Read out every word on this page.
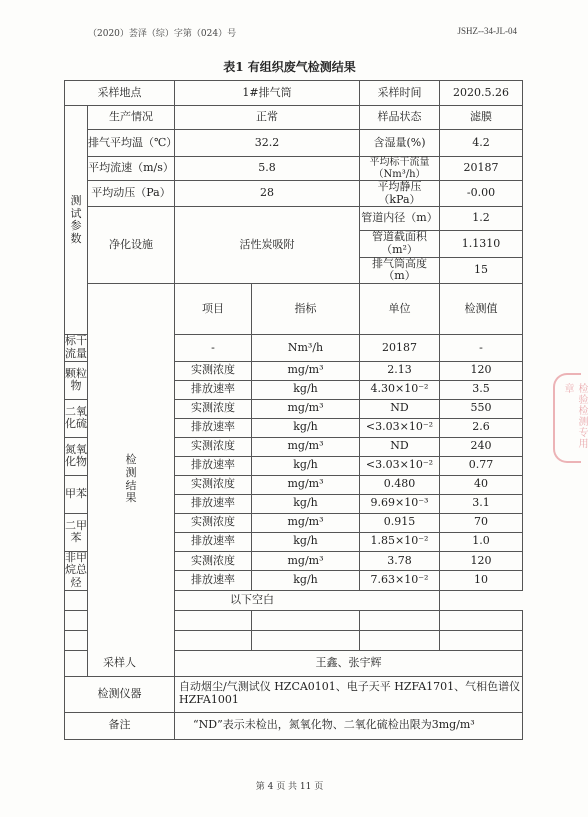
（2020）荟泽（综）字第（024）号	JSHZ--34-JL-04
表1 有组织废气检测结果
采样地点		1#排气筒		采样时间	2020.5.26	

测
试
参
数	生产情况	正常		样品状态	滤膜	
	排气平均温（℃）	32.2		含湿量(%)	4.2	
	平均流速（m/s）	5.8		平均标干流量（Nm³/h）	20187	
	平均动压（Pa）	28		平均静压（kPa）	-0.00	
	净化设施	活性炭吸附		管道内径（m）	1.2	
				管道截面积（m²）	1.1310	
				排气筒高度（m）	15	

	检
测
结
果	项目	指标	单位	检测值	
标干流量		-	Nm³/h	20187	-	
颗粒物		实测浓度	mg/m³	2.13	120	
		排放速率	kg/h	4.30×10⁻²	3.5	
二氧化硫		实测浓度	mg/m³	ND	550	
		排放速率	kg/h	<3.03×10⁻²	2.6	
氮氧化物		实测浓度	mg/m³	ND	240	
		排放速率	kg/h	<3.03×10⁻²	0.77	
甲苯		实测浓度	mg/m³	0.480	40	
		排放速率	kg/h	9.69×10⁻³	3.1	
二甲苯		实测浓度	mg/m³	0.915	70	
		排放速率	kg/h	1.85×10⁻²	1.0	
非甲烷总烃		实测浓度	mg/m³	3.78	120	
		排放速率	kg/h	7.63×10⁻²	10	
以下空白						

采样人		王鑫、张宇辉				
检测仪器		自动烟尘/气测试仪 HZCA0101、电子天平 HZFA1701、气相色谱仪 HZFA1001				
备注		“ND”表示未检出，氮氧化物、二氧化硫检出限为3mg/m³				
检验检测专用章
第 4 页 共 11 页
